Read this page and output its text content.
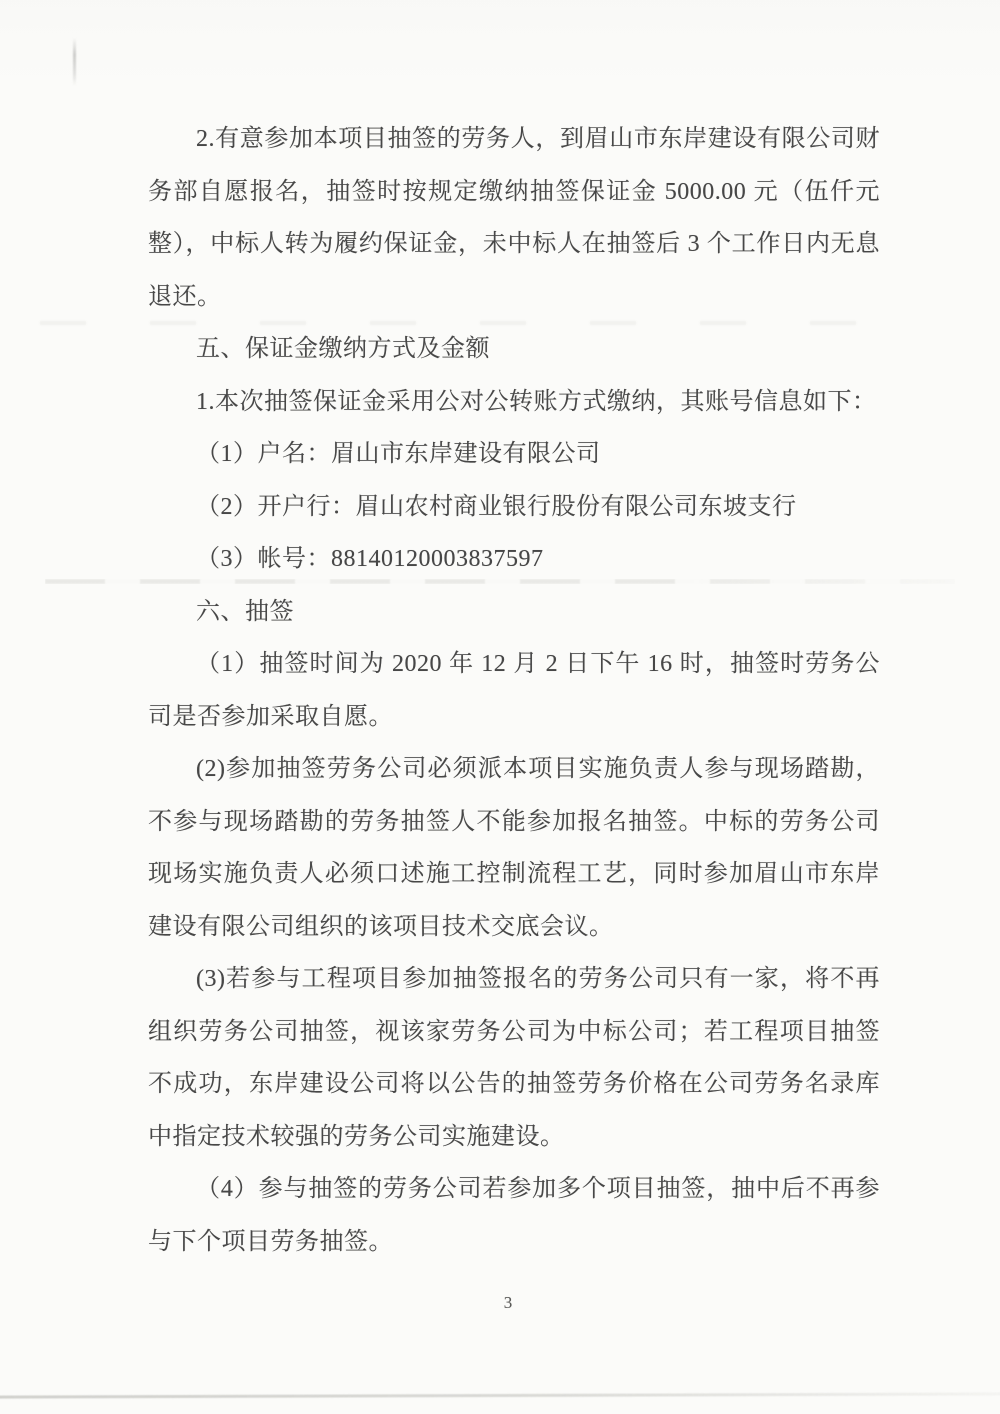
2.有意参加本项目抽签的劳务人，到眉山市东岸建设有限公司财务部自愿报名，抽签时按规定缴纳抽签保证金 5000.00 元（伍仟元整），中标人转为履约保证金，未中标人在抽签后 3 个工作日内无息退还。

五、保证金缴纳方式及金额

1.本次抽签保证金采用公对公转账方式缴纳，其账号信息如下：

（1）户名：眉山市东岸建设有限公司

（2）开户行：眉山农村商业银行股份有限公司东坡支行

（3）帐号：88140120003837597

六、抽签

（1）抽签时间为 2020 年 12 月 2 日下午 16 时，抽签时劳务公司是否参加采取自愿。

(2)参加抽签劳务公司必须派本项目实施负责人参与现场踏勘，不参与现场踏勘的劳务抽签人不能参加报名抽签。中标的劳务公司现场实施负责人必须口述施工控制流程工艺，同时参加眉山市东岸建设有限公司组织的该项目技术交底会议。

(3)若参与工程项目参加抽签报名的劳务公司只有一家，将不再组织劳务公司抽签，视该家劳务公司为中标公司；若工程项目抽签不成功，东岸建设公司将以公告的抽签劳务价格在公司劳务名录库中指定技术较强的劳务公司实施建设。

（4）参与抽签的劳务公司若参加多个项目抽签，抽中后不再参与下个项目劳务抽签。

3
